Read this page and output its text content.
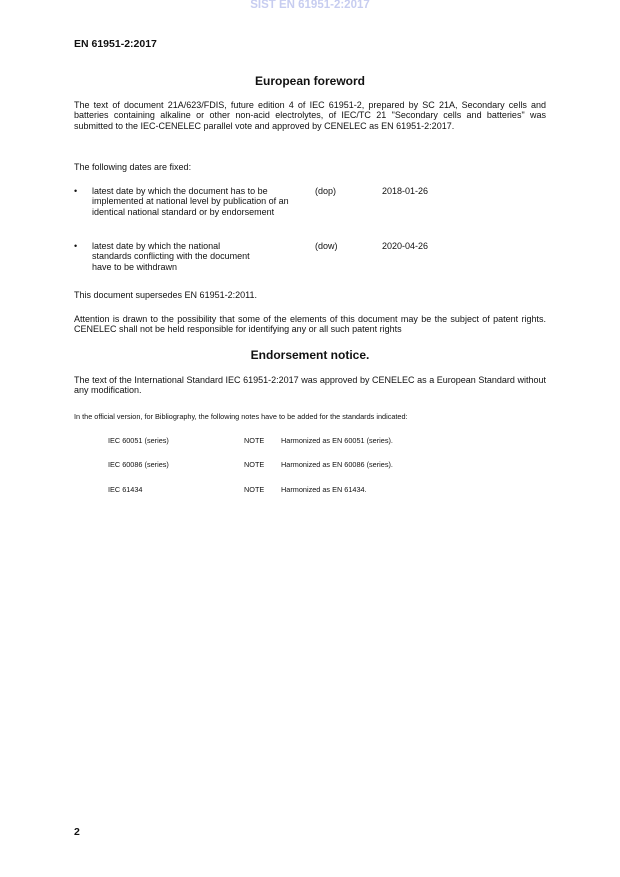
SIST EN 61951-2:2017
EN 61951-2:2017
European foreword
The text of document 21A/623/FDIS, future edition 4 of IEC 61951-2, prepared by SC 21A, Secondary cells and batteries containing alkaline or other non-acid electrolytes, of IEC/TC 21 "Secondary cells and batteries" was submitted to the IEC-CENELEC parallel vote and approved by CENELEC as EN 61951-2:2017.
The following dates are fixed:
• latest date by which the document has to be implemented at national level by publication of an identical national standard or by endorsement
(dop)	2018-01-26
• latest date by which the national standards conflicting with the document have to be withdrawn
(dow)	2020-04-26
This document supersedes EN 61951-2:2011.
Attention is drawn to the possibility that some of the elements of this document may be the subject of patent rights. CENELEC shall not be held responsible for identifying any or all such patent rights
Endorsement notice.
The text of the International Standard IEC 61951-2:2017 was approved by CENELEC as a European Standard without any modification.
In the official version, for Bibliography, the following notes have to be added for the standards indicated:
IEC 60051 (series)	NOTE Harmonized as EN 60051 (series).
IEC 60086 (series)	NOTE Harmonized as EN 60086 (series).
IEC 61434	NOTE Harmonized as EN 61434.
2
